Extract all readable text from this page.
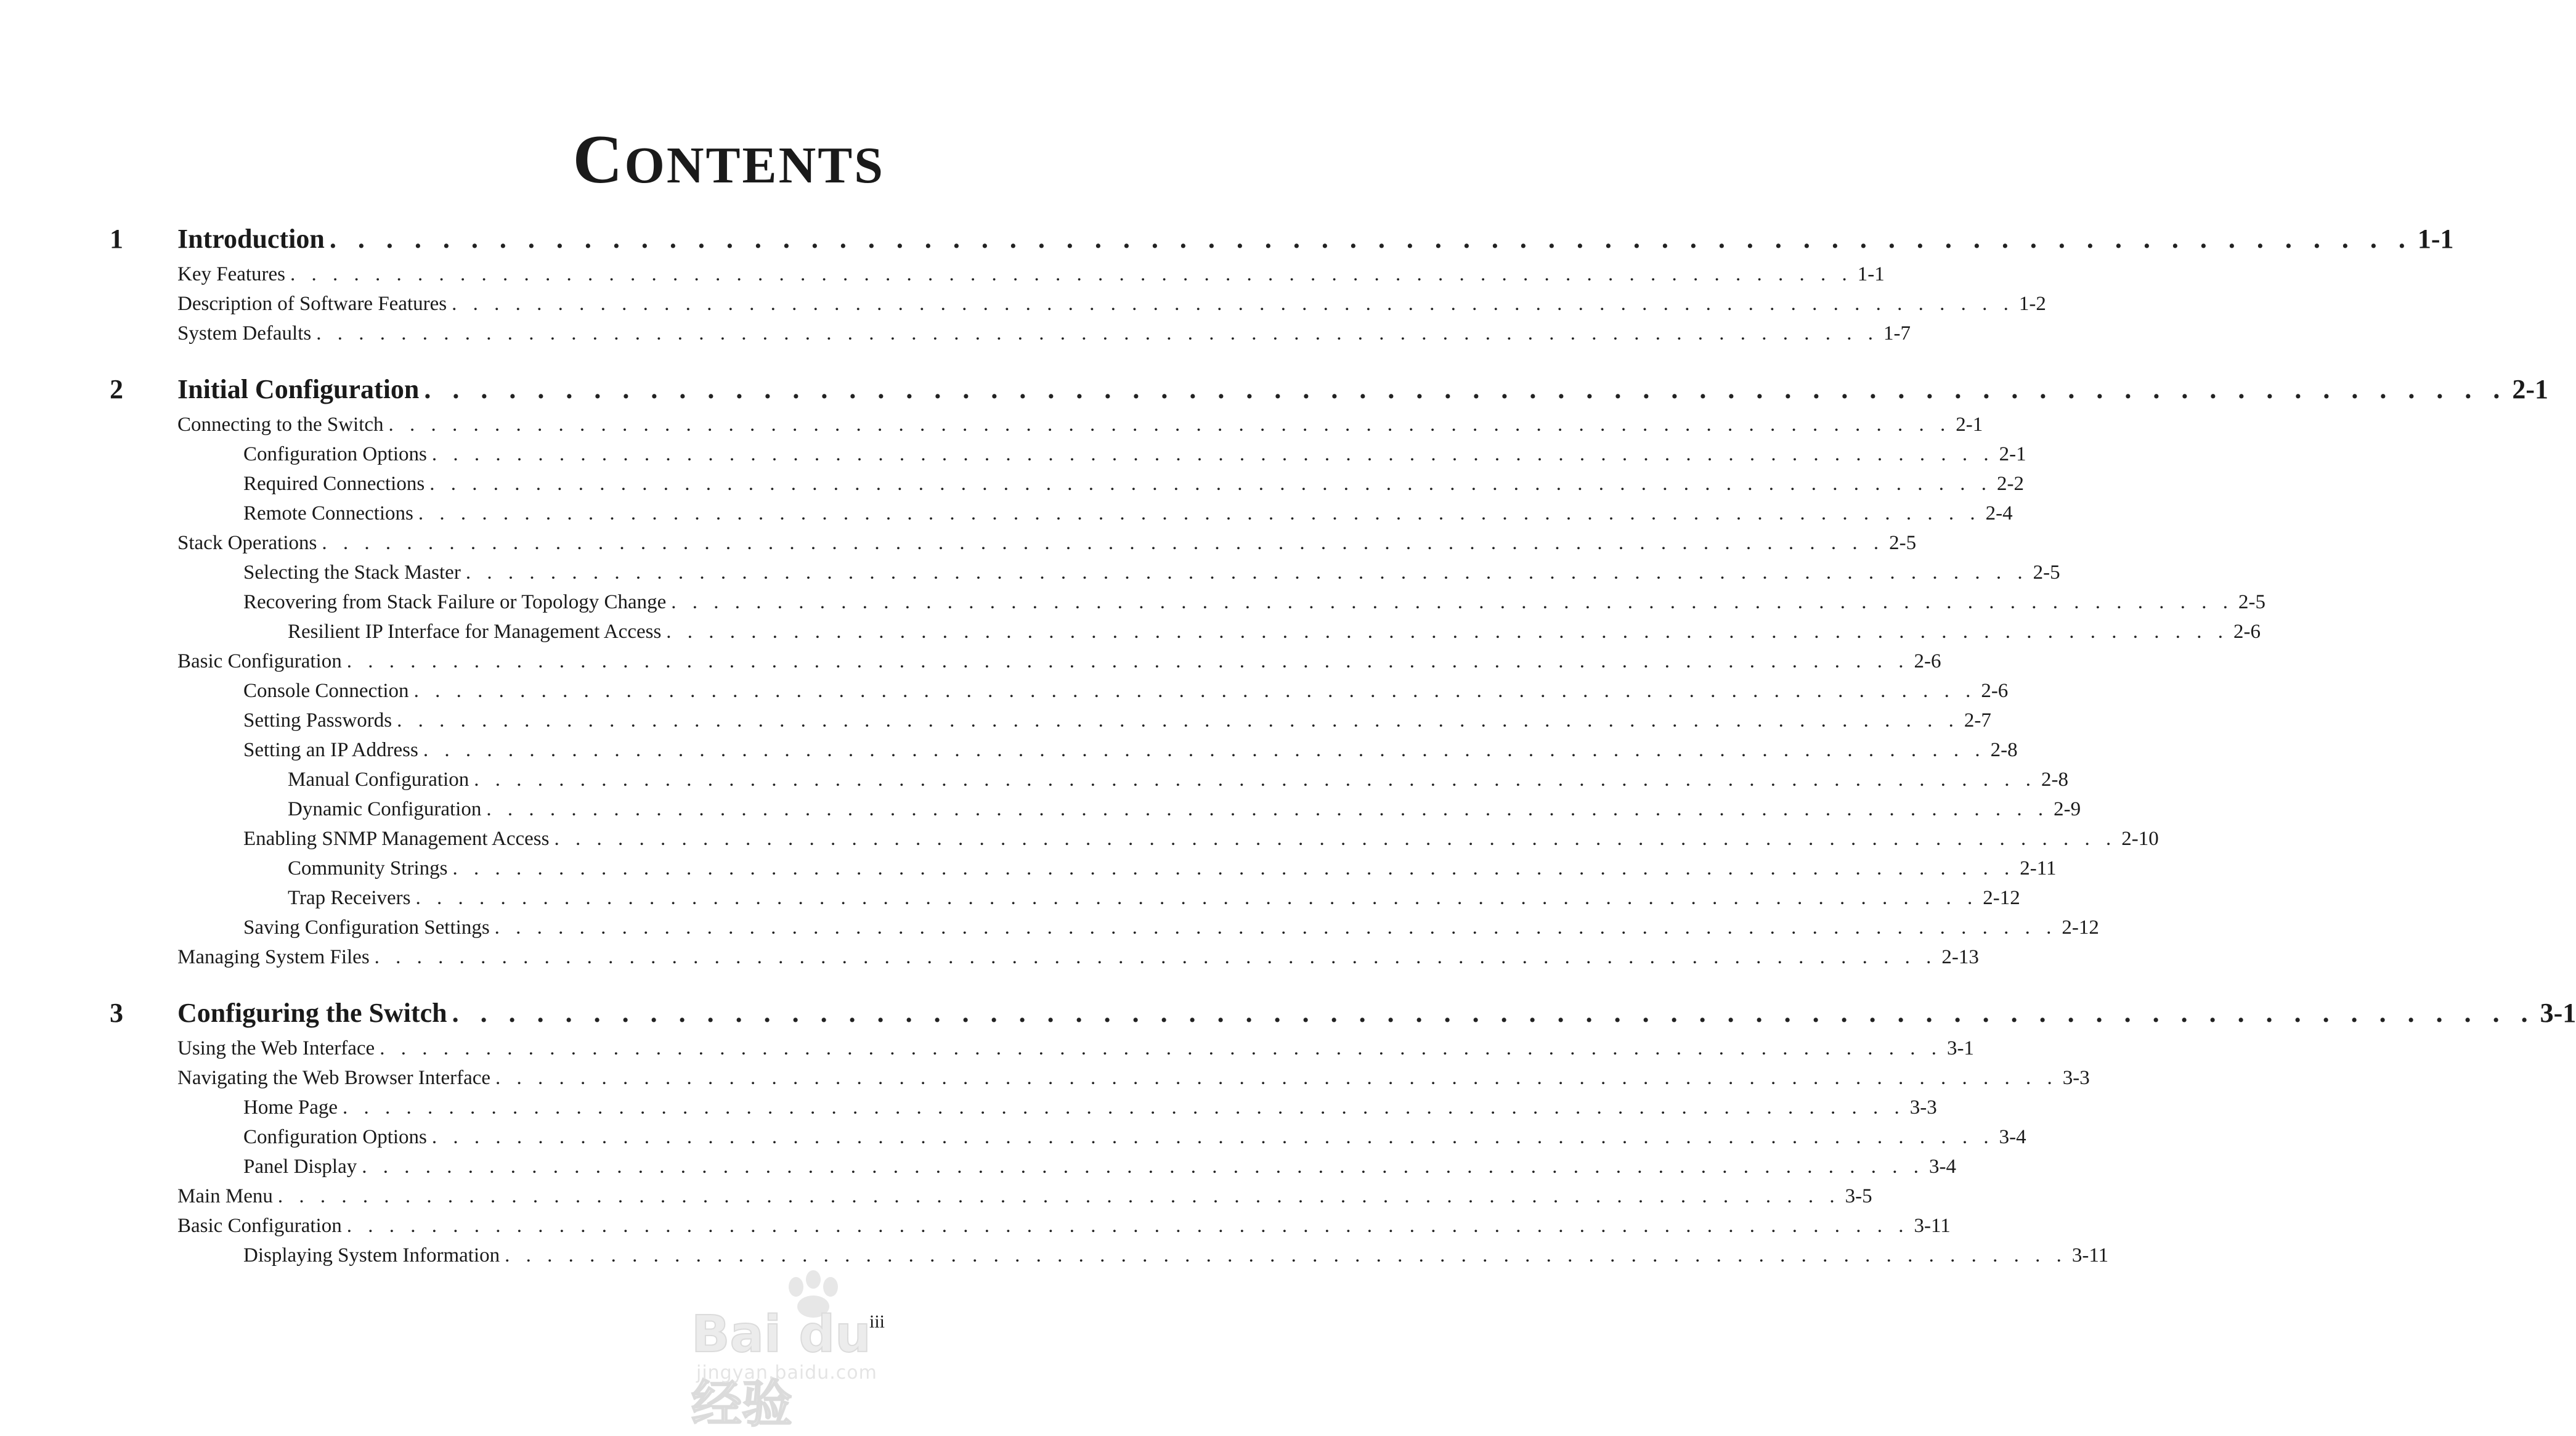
CONTENTS
1 Introduction . . . . . . . . . . . . . . . . . . . . . . . . . . . . . . . . . . . . . . . . . . . . . . . . . . . . . . . . . . . . . . . . . . . . . . . . . . 1-1
Key Features . . . . . . . . . . . . . . . . . . . . . . . . . . . . . . . . . . . . . . . . . . . . . . . . . . . . . . . . . . . . . . . . . . . . . . . . . . 1-1
Description of Software Features . . . . . . . . . . . . . . . . . . . . . . . . . . . . . . . . . . . . . . . . . . . . . . . . . . . . . . . . . . . . . . . . . . . . . . . . . . 1-2
System Defaults . . . . . . . . . . . . . . . . . . . . . . . . . . . . . . . . . . . . . . . . . . . . . . . . . . . . . . . . . . . . . . . . . . . . . . . . . . 1-7
2 Initial Configuration . . . . . . . . . . . . . . . . . . . . . . . . . . . . . . . . . . . . . . . . . . . . . . . . . . . . . . . . . . . . . . . . . . . . . . . . . . 2-1
Connecting to the Switch . . . . . . . . . . . . . . . . . . . . . . . . . . . . . . . . . . . . . . . . . . . . . . . . . . . . . . . . . . . . . . . . . . . . . . . . . . 2-1
Configuration Options . . . . . . . . . . . . . . . . . . . . . . . . . . . . . . . . . . . . . . . . . . . . . . . . . . . . . . . . . . . . . . . . . . . . . . . . . . 2-1
Required Connections . . . . . . . . . . . . . . . . . . . . . . . . . . . . . . . . . . . . . . . . . . . . . . . . . . . . . . . . . . . . . . . . . . . . . . . . . . 2-2
Remote Connections . . . . . . . . . . . . . . . . . . . . . . . . . . . . . . . . . . . . . . . . . . . . . . . . . . . . . . . . . . . . . . . . . . . . . . . . . . 2-4
Stack Operations . . . . . . . . . . . . . . . . . . . . . . . . . . . . . . . . . . . . . . . . . . . . . . . . . . . . . . . . . . . . . . . . . . . . . . . . . . 2-5
Selecting the Stack Master . . . . . . . . . . . . . . . . . . . . . . . . . . . . . . . . . . . . . . . . . . . . . . . . . . . . . . . . . . . . . . . . . . . . . . . . . . 2-5
Recovering from Stack Failure or Topology Change . . . . . . . . . . . . . . . . . . . . . . . . . . . . . . . . . . . . . . . . . . . . . . . . . . . . . . . . . . . . . . . . . . . . . . . . . . 2-5
Resilient IP Interface for Management Access . . . . . . . . . . . . . . . . . . . . . . . . . . . . . . . . . . . . . . . . . . . . . . . . . . . . . . . . . . . . . . . . . . . . . . . . . . 2-6
Basic Configuration . . . . . . . . . . . . . . . . . . . . . . . . . . . . . . . . . . . . . . . . . . . . . . . . . . . . . . . . . . . . . . . . . . . . . . . . . . 2-6
Console Connection . . . . . . . . . . . . . . . . . . . . . . . . . . . . . . . . . . . . . . . . . . . . . . . . . . . . . . . . . . . . . . . . . . . . . . . . . . 2-6
Setting Passwords . . . . . . . . . . . . . . . . . . . . . . . . . . . . . . . . . . . . . . . . . . . . . . . . . . . . . . . . . . . . . . . . . . . . . . . . . . 2-7
Setting an IP Address . . . . . . . . . . . . . . . . . . . . . . . . . . . . . . . . . . . . . . . . . . . . . . . . . . . . . . . . . . . . . . . . . . . . . . . . . . 2-8
Manual Configuration . . . . . . . . . . . . . . . . . . . . . . . . . . . . . . . . . . . . . . . . . . . . . . . . . . . . . . . . . . . . . . . . . . . . . . . . . . 2-8
Dynamic Configuration . . . . . . . . . . . . . . . . . . . . . . . . . . . . . . . . . . . . . . . . . . . . . . . . . . . . . . . . . . . . . . . . . . . . . . . . . . 2-9
Enabling SNMP Management Access . . . . . . . . . . . . . . . . . . . . . . . . . . . . . . . . . . . . . . . . . . . . . . . . . . . . . . . . . . . . . . . . . . . . . . . . . . 2-10
Community Strings . . . . . . . . . . . . . . . . . . . . . . . . . . . . . . . . . . . . . . . . . . . . . . . . . . . . . . . . . . . . . . . . . . . . . . . . . . 2-11
Trap Receivers . . . . . . . . . . . . . . . . . . . . . . . . . . . . . . . . . . . . . . . . . . . . . . . . . . . . . . . . . . . . . . . . . . . . . . . . . . 2-12
Saving Configuration Settings . . . . . . . . . . . . . . . . . . . . . . . . . . . . . . . . . . . . . . . . . . . . . . . . . . . . . . . . . . . . . . . . . . . . . . . . . . 2-12
Managing System Files . . . . . . . . . . . . . . . . . . . . . . . . . . . . . . . . . . . . . . . . . . . . . . . . . . . . . . . . . . . . . . . . . . . . . . . . . . 2-13
3 Configuring the Switch . . . . . . . . . . . . . . . . . . . . . . . . . . . . . . . . . . . . . . . . . . . . . . . . . . . . . . . . . . . . . . . . . . . . . . . . . . 3-1
Using the Web Interface . . . . . . . . . . . . . . . . . . . . . . . . . . . . . . . . . . . . . . . . . . . . . . . . . . . . . . . . . . . . . . . . . . . . . . . . . . 3-1
Navigating the Web Browser Interface . . . . . . . . . . . . . . . . . . . . . . . . . . . . . . . . . . . . . . . . . . . . . . . . . . . . . . . . . . . . . . . . . . . . . . . . . . 3-3
Home Page . . . . . . . . . . . . . . . . . . . . . . . . . . . . . . . . . . . . . . . . . . . . . . . . . . . . . . . . . . . . . . . . . . . . . . . . . . 3-3
Configuration Options . . . . . . . . . . . . . . . . . . . . . . . . . . . . . . . . . . . . . . . . . . . . . . . . . . . . . . . . . . . . . . . . . . . . . . . . . . 3-4
Panel Display . . . . . . . . . . . . . . . . . . . . . . . . . . . . . . . . . . . . . . . . . . . . . . . . . . . . . . . . . . . . . . . . . . . . . . . . . . 3-4
Main Menu . . . . . . . . . . . . . . . . . . . . . . . . . . . . . . . . . . . . . . . . . . . . . . . . . . . . . . . . . . . . . . . . . . . . . . . . . . 3-5
Basic Configuration . . . . . . . . . . . . . . . . . . . . . . . . . . . . . . . . . . . . . . . . . . . . . . . . . . . . . . . . . . . . . . . . . . . . . . . . . . 3-11
Displaying System Information . . . . . . . . . . . . . . . . . . . . . . . . . . . . . . . . . . . . . . . . . . . . . . . . . . . . . . . . . . . . . . . . . . . . . . . . . . 3-11
Bai du 经验
jingyan.baidu.com
iii
